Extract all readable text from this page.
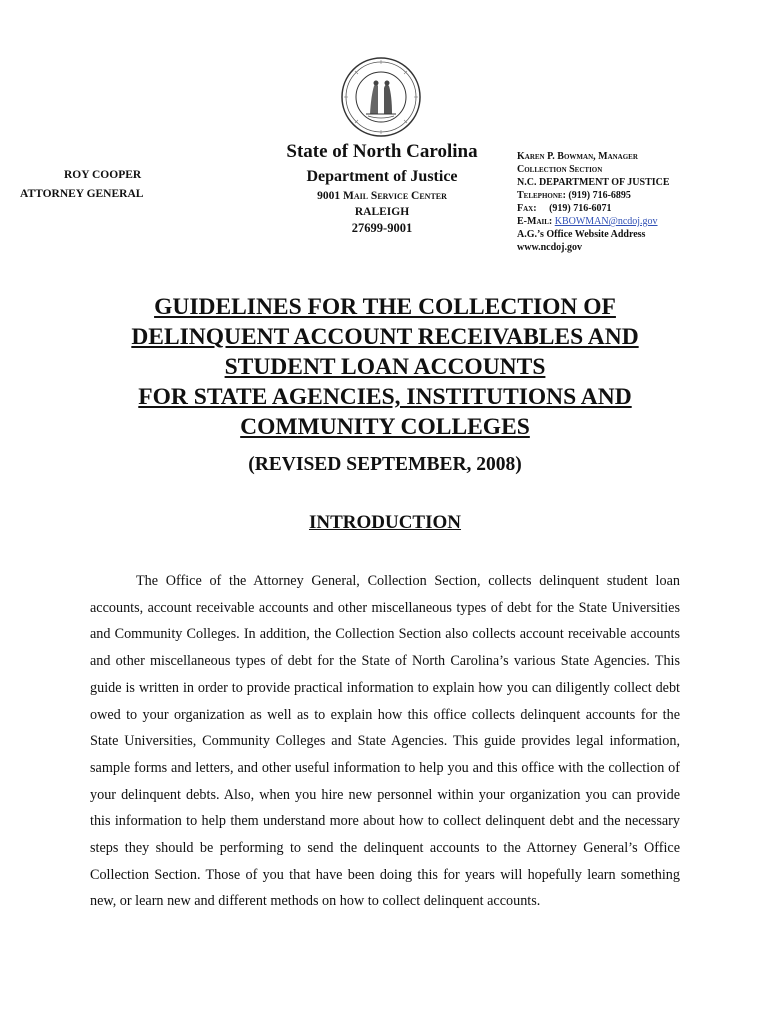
ROY COOPER
ATTORNEY GENERAL
State of North Carolina
Department of Justice
9001 Mail Service Center
RALEIGH
27699-9001
Karen P. Bowman, Manager
Collection Section
N.C. DEPARTMENT OF JUSTICE
Telephone: (919) 716-6895
Fax: (919) 716-6071
E-Mail: KBOWMAN@ncdoj.gov
A.G.’s Office Website Address
www.ncdoj.gov
GUIDELINES FOR THE COLLECTION OF
DELINQUENT ACCOUNT RECEIVABLES AND
STUDENT LOAN ACCOUNTS
FOR STATE AGENCIES, INSTITUTIONS AND
COMMUNITY COLLEGES
(REVISED SEPTEMBER, 2008)
INTRODUCTION

The Office of the Attorney General, Collection Section, collects delinquent student loan accounts, account receivable accounts and other miscellaneous types of debt for the State Universities and Community Colleges. In addition, the Collection Section also collects account receivable accounts and other miscellaneous types of debt for the State of North Carolina’s various State Agencies. This guide is written in order to provide practical information to explain how you can diligently collect debt owed to your organization as well as to explain how this office collects delinquent accounts for the State Universities, Community Colleges and State Agencies. This guide provides legal information, sample forms and letters, and other useful information to help you and this office with the collection of your delinquent debts. Also, when you hire new personnel within your organization you can provide this information to help them understand more about how to collect delinquent debt and the necessary steps they should be performing to send the delinquent accounts to the Attorney General’s Office Collection Section. Those of you that have been doing this for years will hopefully learn something new, or learn new and different methods on how to collect delinquent accounts.
